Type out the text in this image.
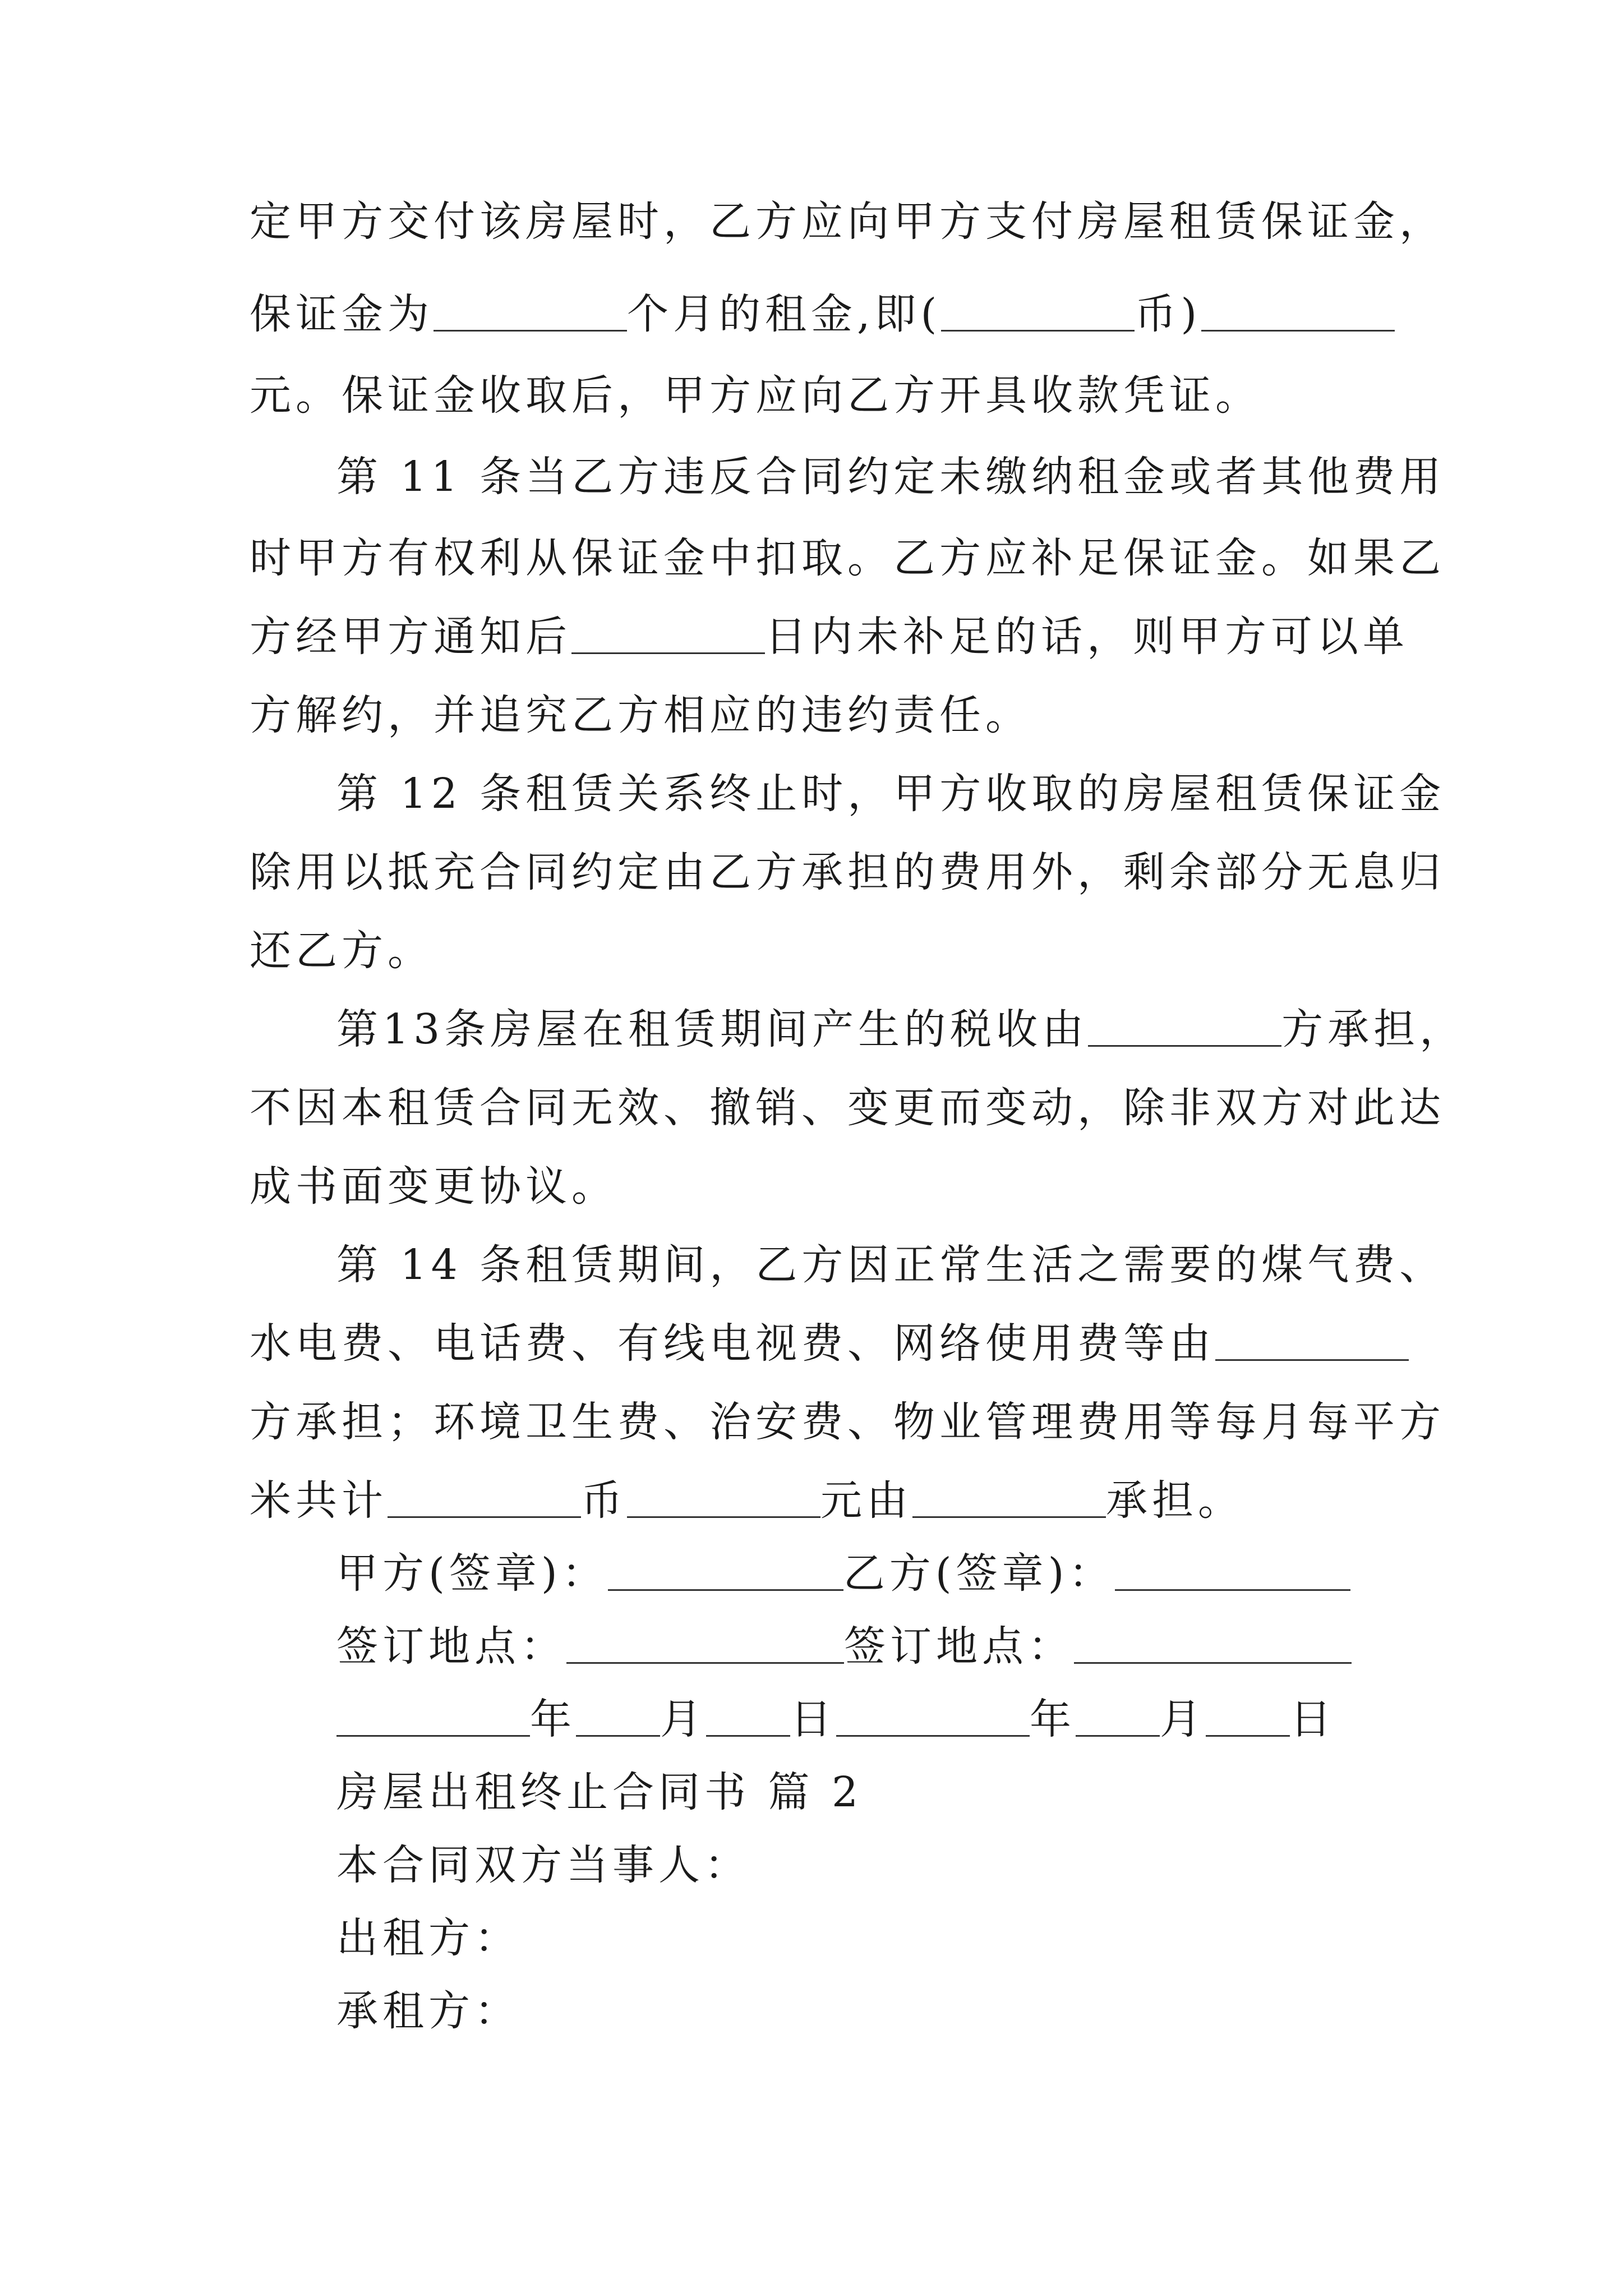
定甲方交付该房屋时，乙方应向甲方支付房屋租赁保证金，
保证金为	个月的租金,即(	币)
元。保证金收取后，甲方应向乙方开具收款凭证。
第 11 条当乙方违反合同约定未缴纳租金或者其他费用
时甲方有权利从保证金中扣取。乙方应补足保证金。如果乙
方经甲方通知后	日内未补足的话，则甲方可以单
方解约，并追究乙方相应的违约责任。
第 12 条租赁关系终止时，甲方收取的房屋租赁保证金
除用以抵充合同约定由乙方承担的费用外，剩余部分无息归
还乙方。
第13条房屋在租赁期间产生的税收由	方承担，
不因本租赁合同无效、撤销、变更而变动，除非双方对此达
成书面变更协议。
第 14 条租赁期间，乙方因正常生活之需要的煤气费、
水电费、电话费、有线电视费、网络使用费等由
方承担；环境卫生费、治安费、物业管理费用等每月每平方
米共计	币	元由	承担。
甲方(签章)：	乙方(签章)：
签订地点：	签订地点：
年 月 日	年 月 日
房屋出租终止合同书 篇 2
本合同双方当事人：
出租方：
承租方：
